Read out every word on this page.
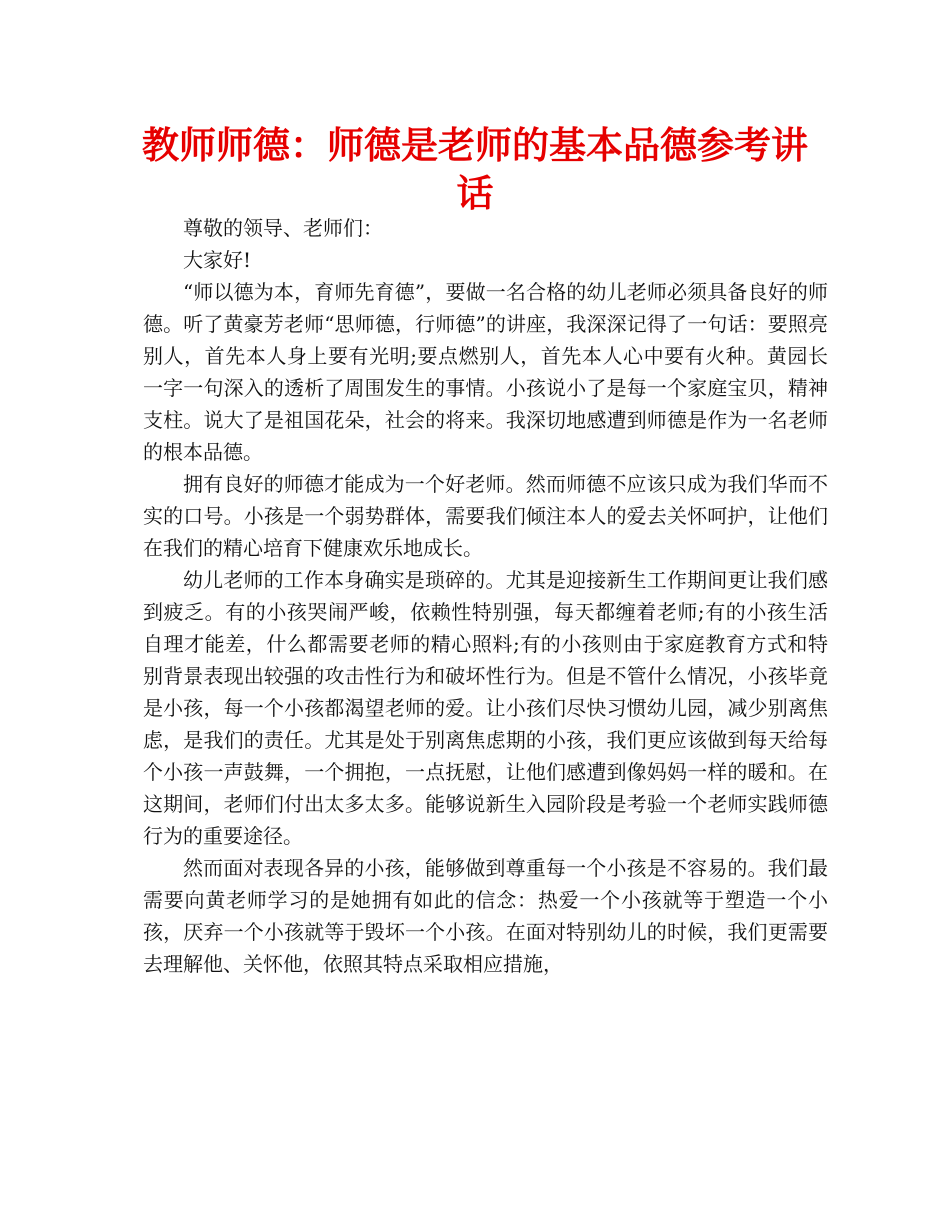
教师师德：师德是老师的基本品德参考讲话

尊敬的领导、老师们：

大家好!

“师以德为本，育师先育德”，要做一名合格的幼儿老师必须具备良好的师德。听了黄豪芳老师“思师德，行师德”的讲座，我深深记得了一句话：要照亮别人，首先本人身上要有光明;要点燃别人，首先本人心中要有火种。黄园长一字一句深入的透析了周围发生的事情。小孩说小了是每一个家庭宝贝，精神支柱。说大了是祖国花朵，社会的将来。我深切地感遭到师德是作为一名老师的根本品德。

拥有良好的师德才能成为一个好老师。然而师德不应该只成为我们华而不实的口号。小孩是一个弱势群体，需要我们倾注本人的爱去关怀呵护，让他们在我们的精心培育下健康欢乐地成长。

幼儿老师的工作本身确实是琐碎的。尤其是迎接新生工作期间更让我们感到疲乏。有的小孩哭闹严峻，依赖性特别强，每天都缠着老师;有的小孩生活自理才能差，什么都需要老师的精心照料;有的小孩则由于家庭教育方式和特别背景表现出较强的攻击性行为和破坏性行为。但是不管什么情况，小孩毕竟是小孩，每一个小孩都渴望老师的爱。让小孩们尽快习惯幼儿园，减少别离焦虑，是我们的责任。尤其是处于别离焦虑期的小孩，我们更应该做到每天给每个小孩一声鼓舞，一个拥抱，一点抚慰，让他们感遭到像妈妈一样的暖和。在这期间，老师们付出太多太多。能够说新生入园阶段是考验一个老师实践师德行为的重要途径。

然而面对表现各异的小孩，能够做到尊重每一个小孩是不容易的。我们最需要向黄老师学习的是她拥有如此的信念：热爱一个小孩就等于塑造一个小孩，厌弃一个小孩就等于毁坏一个小孩。在面对特别幼儿的时候，我们更需要去理解他、关怀他，依照其特点采取相应措施，
